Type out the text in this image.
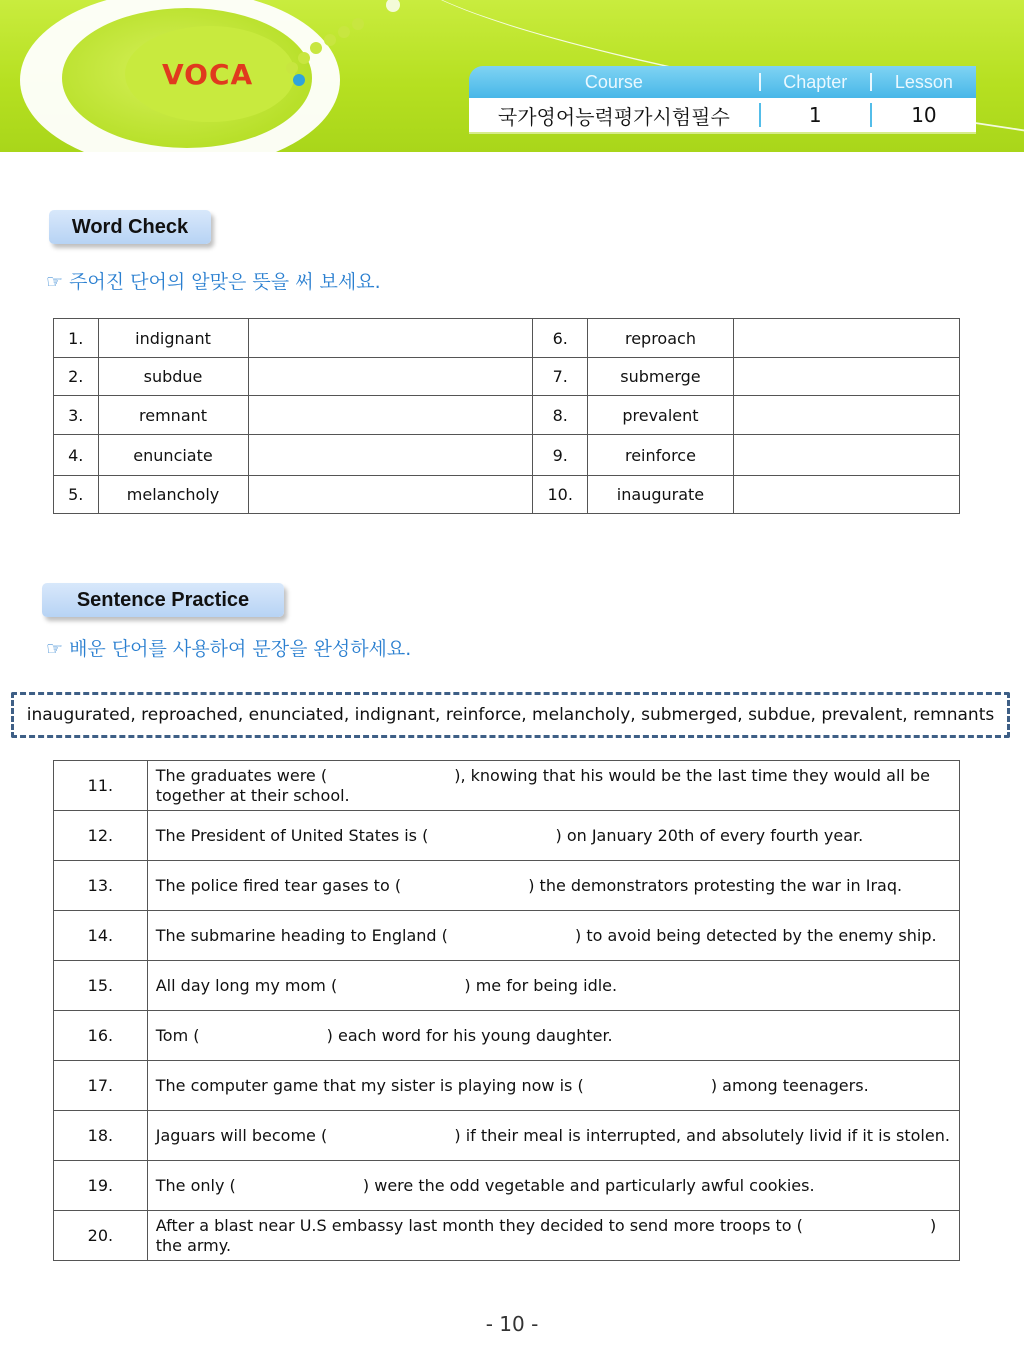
VOCA	Course	Chapter	Lesson
국가영어능력평가시험필수	1	10
Word Check
☞ 주어진 단어의 알맞은 뜻을 써 보세요.
1.	indignant		6.	reproach	
2.	subdue		7.	submerge	
3.	remnant		8.	prevalent	
4.	enunciate		9.	reinforce	
5.	melancholy		10.	inaugurate	
Sentence Practice
☞ 배운 단어를 사용하여 문장을 완성하세요.
inaugurated, reproached, enunciated, indignant, reinforce, melancholy, submerged, subdue, prevalent, remnants
11.	The graduates were (                         ), knowing that his would be the last time they would all be together at their school.
12.	The President of United States is (                         ) on January 20th of every fourth year.
13.	The police fired tear gases to (                         ) the demonstrators protesting the war in Iraq.
14.	The submarine heading to England (                         ) to avoid being detected by the enemy ship.
15.	All day long my mom (                         ) me for being idle.
16.	Tom (                         ) each word for his young daughter.
17.	The computer game that my sister is playing now is (                         ) among teenagers.
18.	Jaguars will become (                         ) if their meal is interrupted, and absolutely livid if it is stolen.
19.	The only (                         ) were the odd vegetable and particularly awful cookies.
20.	After a blast near U.S embassy last month they decided to send more troops to (                         ) the army.
- 10 -
